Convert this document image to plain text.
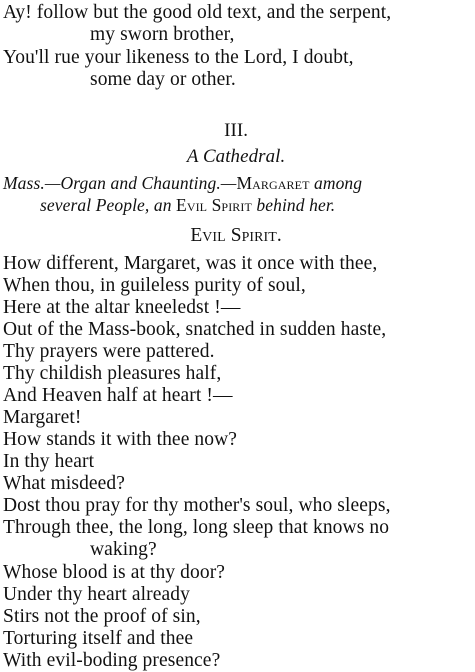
Ay! follow but the good old text, and the serpent,
my sworn brother,
You'll rue your likeness to the Lord, I doubt,
some day or other.
III.
A Cathedral.
Mass.—Organ and Chaunting.—Margaret among
several People, an Evil Spirit behind her.
Evil Spirit.
How different, Margaret, was it once with thee,
When thou, in guileless purity of soul,
Here at the altar kneeledst !—
Out of the Mass-book, snatched in sudden haste,
Thy prayers were pattered.
Thy childish pleasures half,
And Heaven half at heart !—
Margaret!
How stands it with thee now?
In thy heart
What misdeed?
Dost thou pray for thy mother's soul, who sleeps,
Through thee, the long, long sleep that knows no
waking?
Whose blood is at thy door?
Under thy heart already
Stirs not the proof of sin,
Torturing itself and thee
With evil-boding presence?
